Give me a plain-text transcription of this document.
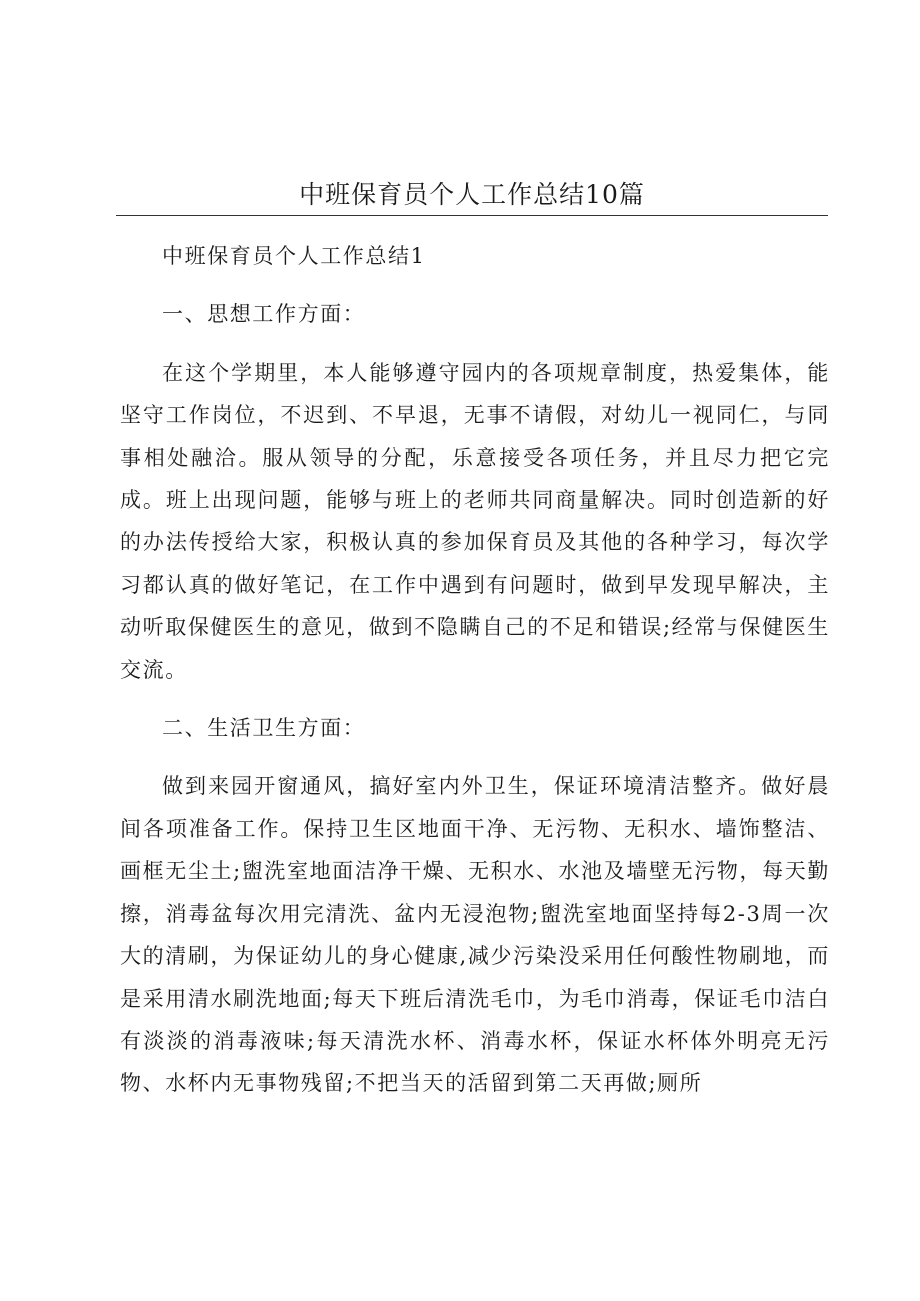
中班保育员个人工作总结10篇

中班保育员个人工作总结1

一、思想工作方面：

在这个学期里，本人能够遵守园内的各项规章制度，热爱集体，能坚守工作岗位，不迟到、不早退，无事不请假，对幼儿一视同仁，与同事相处融洽。服从领导的分配，乐意接受各项任务，并且尽力把它完成。班上出现问题，能够与班上的老师共同商量解决。同时创造新的好的办法传授给大家，积极认真的参加保育员及其他的各种学习，每次学习都认真的做好笔记，在工作中遇到有问题时，做到早发现早解决，主动听取保健医生的意见，做到不隐瞒自己的不足和错误;经常与保健医生交流。

二、生活卫生方面：

做到来园开窗通风，搞好室内外卫生，保证环境清洁整齐。做好晨间各项准备工作。保持卫生区地面干净、无污物、无积水、墙饰整洁、画框无尘土;盥洗室地面洁净干燥、无积水、水池及墙壁无污物，每天勤擦，消毒盆每次用完清洗、盆内无浸泡物;盥洗室地面坚持每2-3周一次大的清刷，为保证幼儿的身心健康,减少污染没采用任何酸性物刷地，而是采用清水刷洗地面;每天下班后清洗毛巾，为毛巾消毒，保证毛巾洁白有淡淡的消毒液味;每天清洗水杯、消毒水杯，保证水杯体外明亮无污物、水杯内无事物残留;不把当天的活留到第二天再做;厕所
